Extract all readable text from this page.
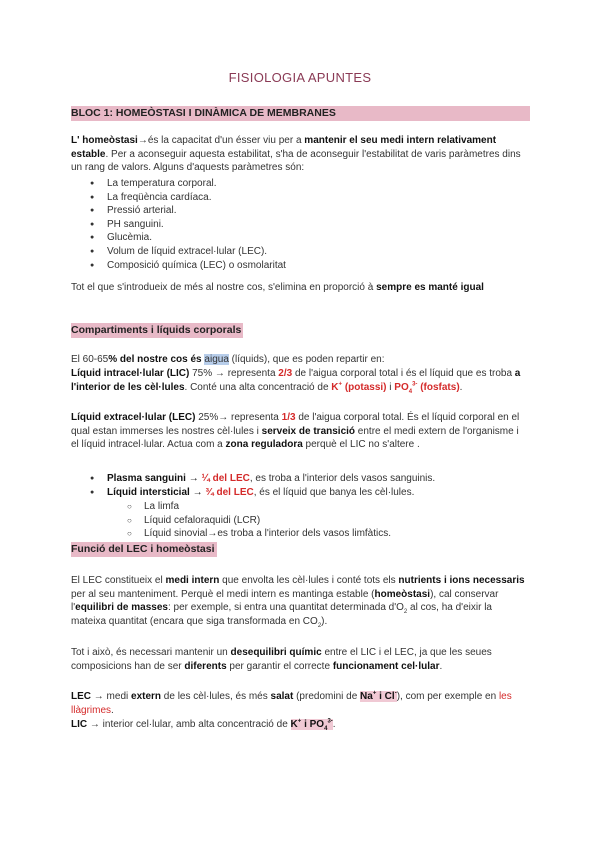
FISIOLOGIA APUNTES
BLOC 1: HOMEÒSTASI I DINÀMICA DE MEMBRANES

L' homeòstasi→és la capacitat d'un ésser viu per a mantenir el seu medi intern relativament estable. Per a aconseguir aquesta estabilitat, s'ha de aconseguir l'estabilitat de varis paràmetres dins un rang de valors. Alguns d'aquests paràmetres són:

● La temperatura corporal.
● La freqüència cardíaca.
● Pressió arterial.
● PH sanguini.
● Glucèmia.
● Volum de líquid extracel·lular (LEC).
● Composició química (LEC) o osmolaritat

Tot el que s'introdueix de més al nostre cos, s'elimina en proporció à sempre es manté igual

Compartiments i líquids corporals

El 60-65% del nostre cos és aigua (líquids), que es poden repartir en:

Líquid intracel·lular (LIC) 75% → representa 2/3 de l'aigua corporal total i és el líquid que es troba a l'interior de les cèl·lules. Conté una alta concentració de K+ (potassi) i $PO_4^{3-}$ (fosfats).

Líquid extracel·lular (LEC) 25%→ representa 1/3 de l'aigua corporal total. És el líquid corporal en el qual estan immerses les nostres cèl·lules i serveix de transició entre el medi extern de l'organisme i el líquid intracel·lular. Actua com a zona reguladora perquè el LIC no s'altere .

● Plasma sanguini → ¼ del LEC, es troba a l'interior dels vasos sanguinis.
● Líquid intersticial → ¾ del LEC, és el líquid que banya les cèl·lules.
○ La limfa
○ Líquid cefaloraquidi (LCR)
○ Líquid sinovial→es troba a l'interior dels vasos limfàtics.
Funció del LEC i homeòstasi

El LEC constitueix el medi intern que envolta les cèl·lules i conté tots els nutrients i ions necessaris per al seu manteniment. Perquè el medi intern es mantinga estable (homeòstasi), cal conservar l'equilibri de masses: per exemple, si entra una quantitat determinada $d'O_2$ al cos, ha d'eixir la mateixa quantitat (encara que siga transformada en $CO_2$).

Tot i això, és necessari mantenir un desequilibri químic entre el LIC i el LEC, ja que les seues composicions han de ser diferents per garantir el correcte funcionament cel·lular.

LEC → medi extern de les cèl·lules, és més salat (predomini de Na+ i Cl-), com per exemple en les llàgrimes.

LIC → interior cel·lular, amb alta concentració de K+ i $PO_4^{3-}$.
